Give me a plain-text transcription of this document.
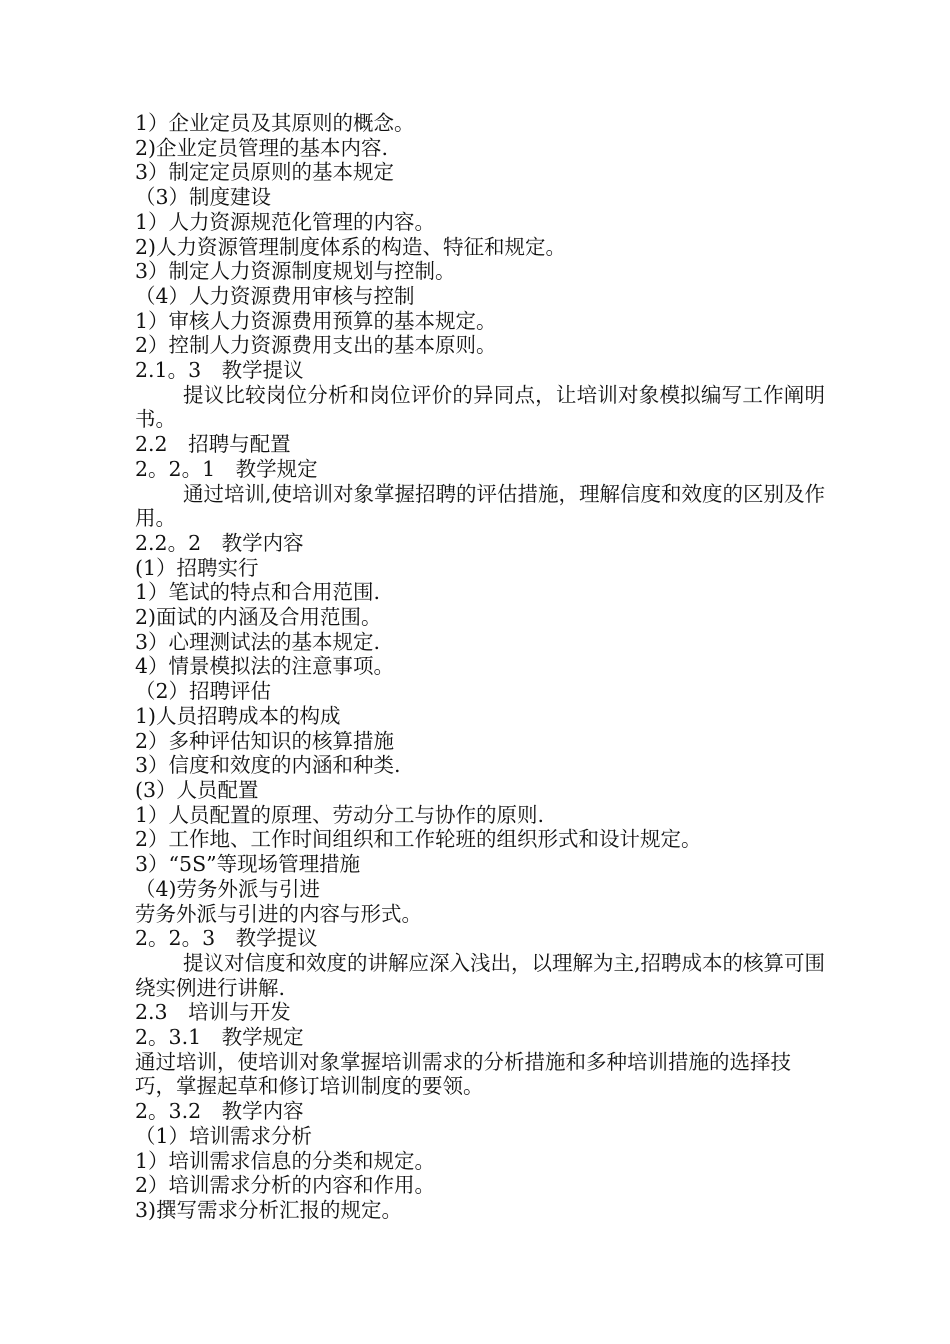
1）企业定员及其原则的概念。
2)企业定员管理的基本内容.
3）制定定员原则的基本规定
（3）制度建设
1）人力资源规范化管理的内容。
2)人力资源管理制度体系的构造、特征和规定。
3）制定人力资源制度规划与控制。
（4）人力资源费用审核与控制
1）审核人力资源费用预算的基本规定。
2）控制人力资源费用支出的基本原则。
2.1。3　教学提议
提议比较岗位分析和岗位评价的异同点，让培训对象模拟编写工作阐明书。
2.2　招聘与配置
2。2。1　教学规定
通过培训,使培训对象掌握招聘的评估措施，理解信度和效度的区别及作用。
2.2。2　教学内容
(1）招聘实行
1）笔试的特点和合用范围.
2)面试的内涵及合用范围。
3）心理测试法的基本规定.
4）情景模拟法的注意事项。
（2）招聘评估
1)人员招聘成本的构成
2）多种评估知识的核算措施
3）信度和效度的内涵和种类.
(3）人员配置
1）人员配置的原理、劳动分工与协作的原则.
2）工作地、工作时间组织和工作轮班的组织形式和设计规定。
3）“5S”等现场管理措施
（4)劳务外派与引进
劳务外派与引进的内容与形式。
2。2。3　教学提议
提议对信度和效度的讲解应深入浅出，以理解为主,招聘成本的核算可围绕实例进行讲解.
2.3　培训与开发
2。3.1　教学规定
通过培训，使培训对象掌握培训需求的分析措施和多种培训措施的选择技巧，掌握起草和修订培训制度的要领。
2。3.2　教学内容
（1）培训需求分析
1）培训需求信息的分类和规定。
2）培训需求分析的内容和作用。
3)撰写需求分析汇报的规定。
